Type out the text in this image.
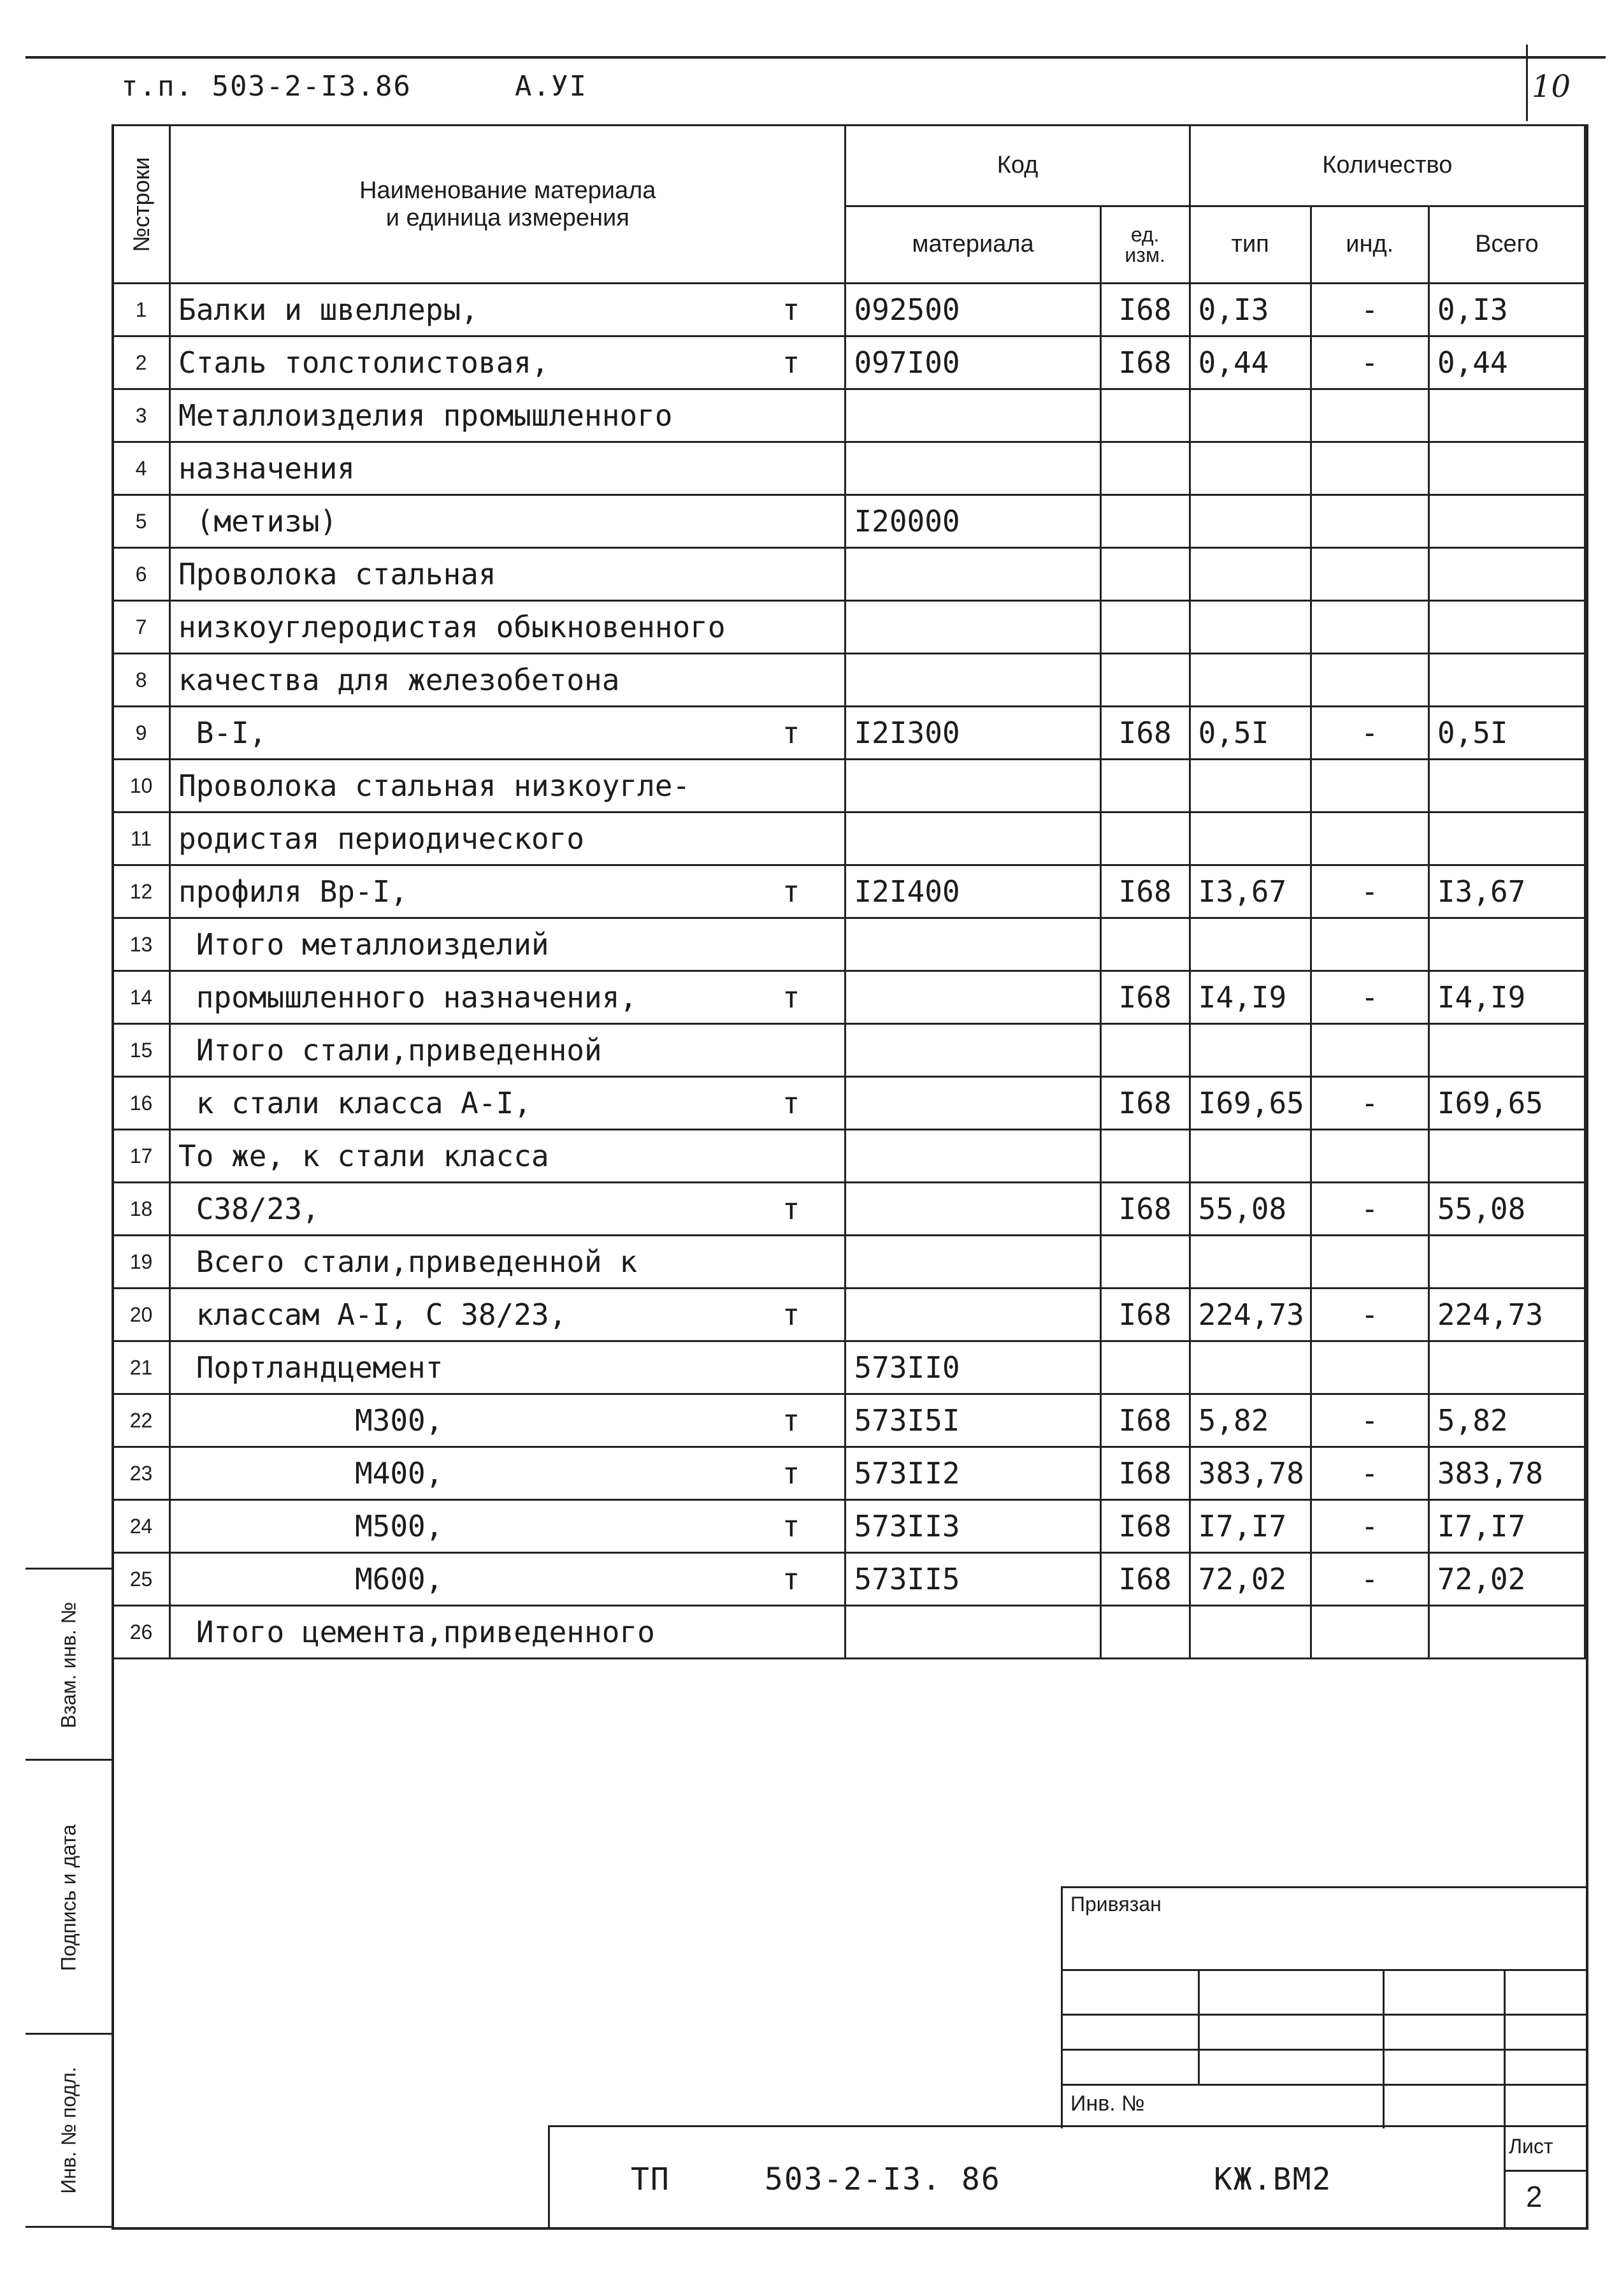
т.п. 503-2-I3.86	А.УI	10
№строки	Наименование материала
и единица измерения	Код		Количество		
		материала	ед. изм.	тип	инд.	Всего
1	Балки и швеллеры, т	092500	I68	0,I3	-	0,I3
2	Сталь толстолистовая, т	097I00	I68	0,44	-	0,44
3	Металлоизделия промышленного

4	назначения

5	(метизы)	I20000				
6	Проволока стальная

7	низкоуглеродистая обыкновенного

8	качества для железобетона

9	В-I, т	I2I300	I68	0,5I	-	0,5I
10	Проволока стальная низкоугле-

11	родистая периодического

12	профиля Вр-I, т	I2I400	I68	I3,67	-	I3,67
13	Итого металлоизделий

14	промышленного назначения, т		I68	I4,I9	-	I4,I9
15	Итого стали,приведенной

16	к стали класса А-I, т		I68	I69,65	-	I69,65
17	То же, к стали класса

18	С38/23, т		I68	55,08	-	55,08
19	Всего стали,приведенной к

20	классам А-I, С 38/23, т		I68	224,73	-	224,73
21	Портландцемент	573II0				
22	М300, т	573I5I	I68	5,82	-	5,82
23	М400, т	573II2	I68	383,78	-	383,78
24	М500, т	573II3	I68	I7,I7	-	I7,I7
25	М600, т	573II5	I68	72,02	-	72,02
26	Итого цемента,приведенного

Взам. инв. №
Подпись и дата
Инв. № подл.
Привязан
Инв. №
ТП	503-2-I3. 86	КЖ.ВМ2
Лист
2
